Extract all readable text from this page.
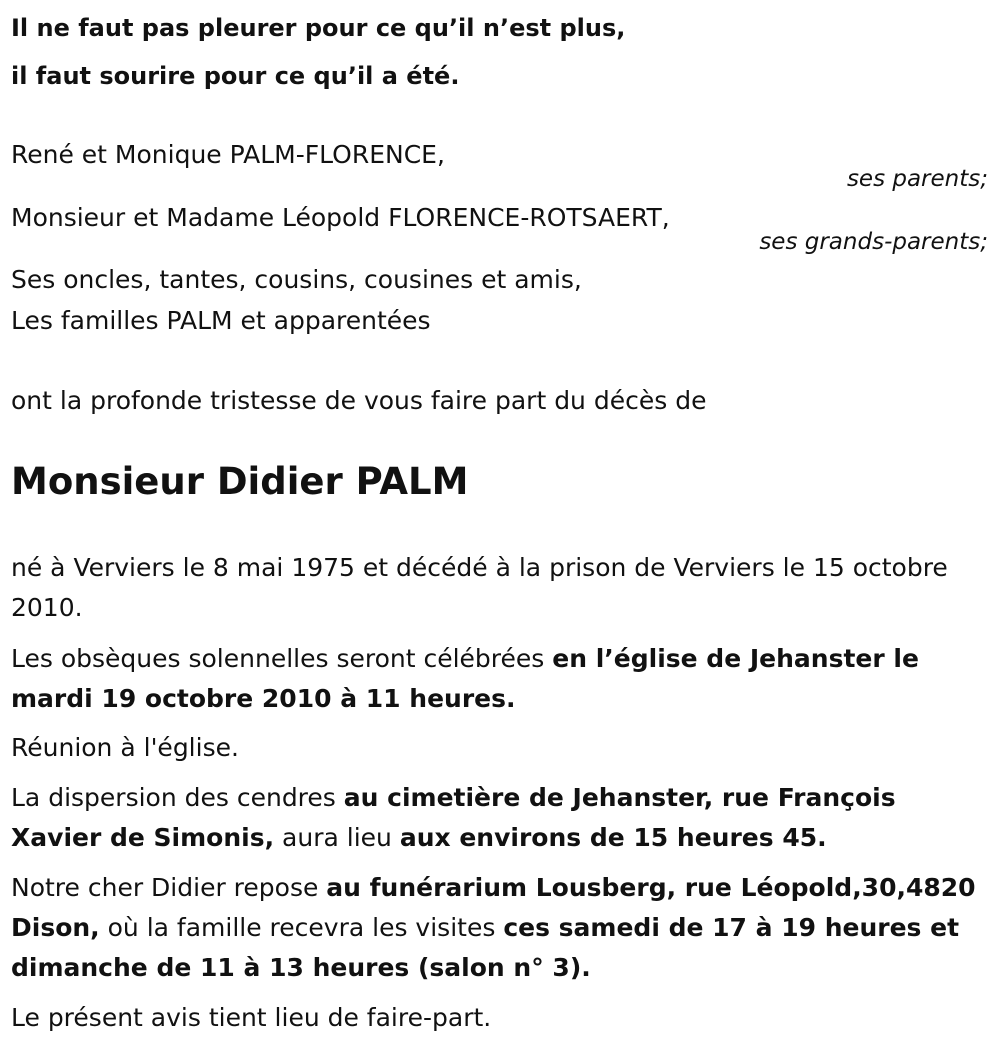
Il ne faut pas pleurer pour ce qu’il n’est plus,
il faut sourire pour ce qu’il a été.
René et Monique PALM-FLORENCE,
ses parents;
Monsieur et Madame Léopold FLORENCE-ROTSAERT,
ses grands-parents;
Ses oncles, tantes, cousins, cousines et amis,
Les familles PALM et apparentées
ont la profonde tristesse de vous faire part du décès de
Monsieur Didier PALM
né à Verviers le 8 mai 1975 et décédé à la prison de Verviers le 15 octobre 2010.
Les obsèques solennelles seront célébrées en l’église de Jehanster le mardi 19 octobre 2010 à 11 heures.
Réunion à l'église.
La dispersion des cendres au cimetière de Jehanster, rue François Xavier de Simonis, aura lieu aux environs de 15 heures 45.
Notre cher Didier repose au funérarium Lousberg, rue Léopold,30,4820 Dison, où la famille recevra les visites ces samedi de 17 à 19 heures et dimanche de 11 à 13 heures (salon n° 3).
Le présent avis tient lieu de faire-part.
